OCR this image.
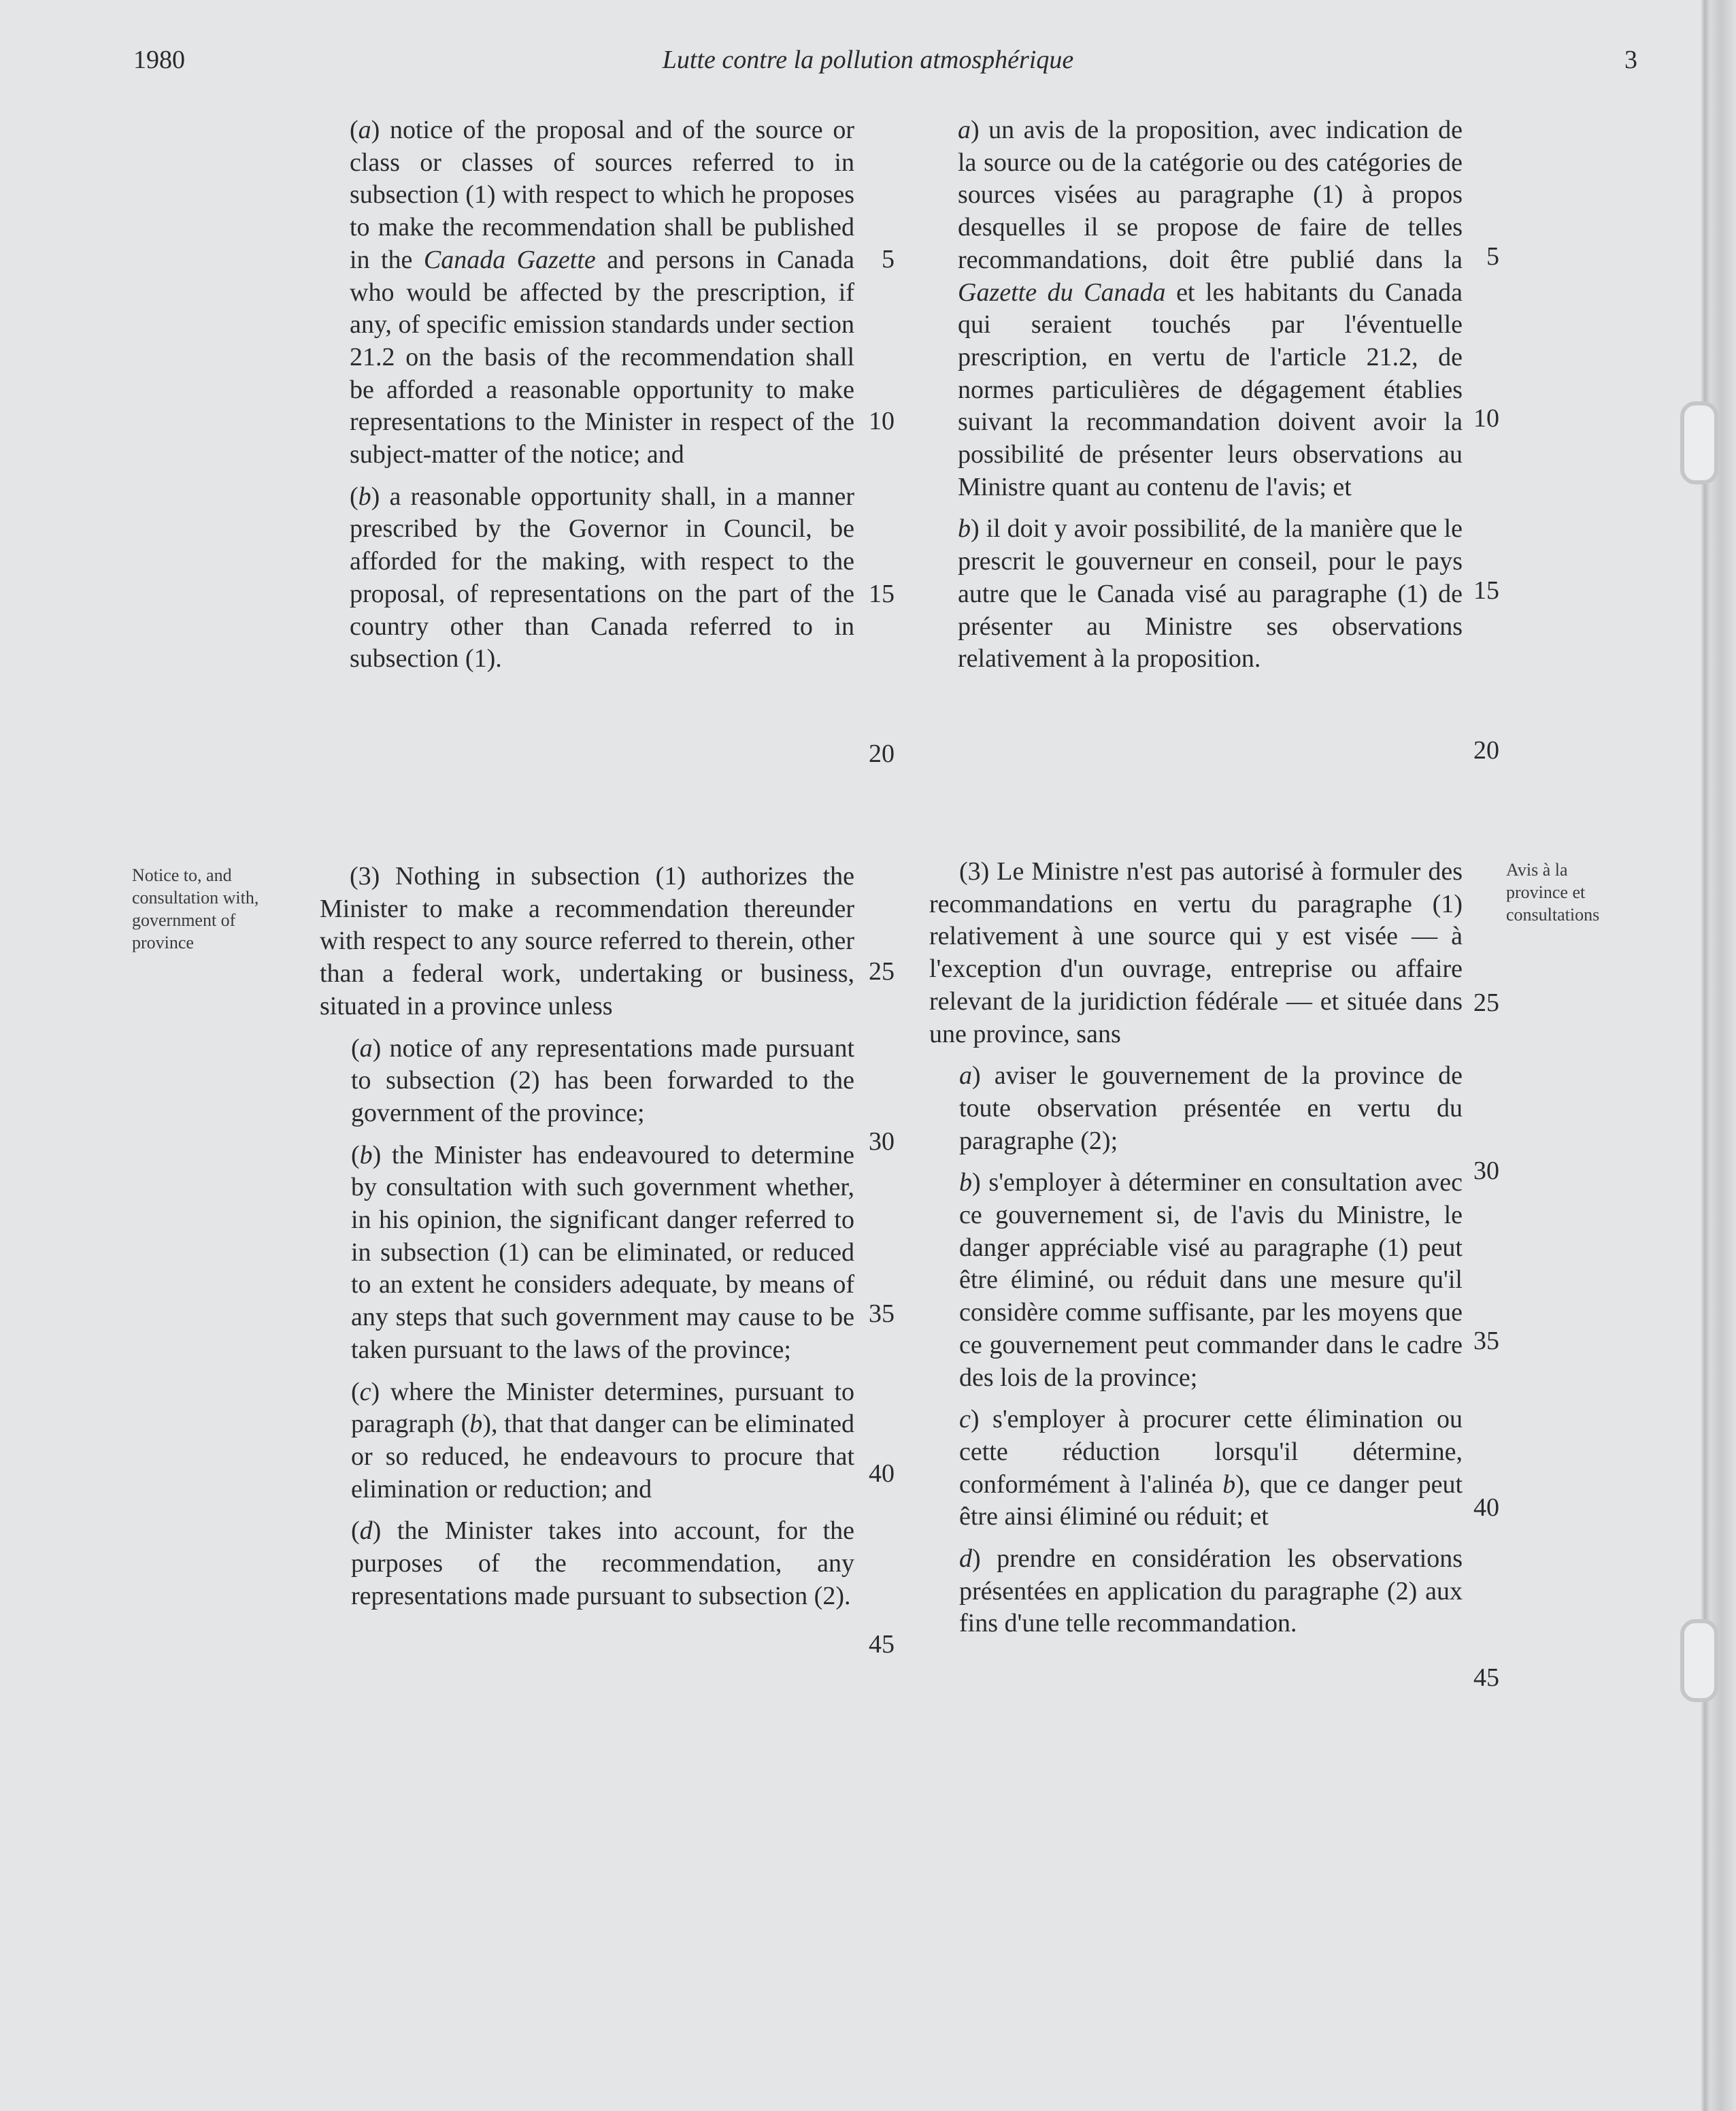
1980	Lutte contre la pollution atmosphérique	3
(a) notice of the proposal and of the source or class or classes of sources referred to in subsection (1) with respect to which he proposes to make the recommendation shall be published in the Canada Gazette and persons in Canada who would be affected by the prescription, if any, of specific emission standards under section 21.2 on the basis of the recommendation shall be afforded a reasonable opportunity to make representations to the Minister in respect of the subject-matter of the notice; and
(b) a reasonable opportunity shall, in a manner prescribed by the Governor in Council, be afforded for the making, with respect to the proposal, of representations on the part of the country other than Canada referred to in subsection (1).
Notice to, and consultation with, government of province
(3) Nothing in subsection (1) authorizes the Minister to make a recommendation thereunder with respect to any source referred to therein, other than a federal work, undertaking or business, situated in a province unless
(a) notice of any representations made pursuant to subsection (2) has been forwarded to the government of the province;
(b) the Minister has endeavoured to determine by consultation with such government whether, in his opinion, the significant danger referred to in subsection (1) can be eliminated, or reduced to an extent he considers adequate, by means of any steps that such government may cause to be taken pursuant to the laws of the province;
(c) where the Minister determines, pursuant to paragraph (b), that that danger can be eliminated or so reduced, he endeavours to procure that elimination or reduction; and
(d) the Minister takes into account, for the purposes of the recommendation, any representations made pursuant to subsection (2).
5
10
15
20
25
30
35
40
45
a) un avis de la proposition, avec indication de la source ou de la catégorie ou des catégories de sources visées au paragraphe (1) à propos desquelles il se propose de faire de telles recommandations, doit être publié dans la Gazette du Canada et les habitants du Canada qui seraient touchés par l'éventuelle prescription, en vertu de l'article 21.2, de normes particulières de dégagement établies suivant la recommandation doivent avoir la possibilité de présenter leurs observations au Ministre quant au contenu de l'avis; et
b) il doit y avoir possibilité, de la manière que le prescrit le gouverneur en conseil, pour le pays autre que le Canada visé au paragraphe (1) de présenter au Ministre ses observations relativement à la proposition.
Avis à la province et consultations
(3) Le Ministre n'est pas autorisé à formuler des recommandations en vertu du paragraphe (1) relativement à une source qui y est visée — à l'exception d'un ouvrage, entreprise ou affaire relevant de la juridiction fédérale — et située dans une province, sans
a) aviser le gouvernement de la province de toute observation présentée en vertu du paragraphe (2);
b) s'employer à déterminer en consultation avec ce gouvernement si, de l'avis du Ministre, le danger appréciable visé au paragraphe (1) peut être éliminé, ou réduit dans une mesure qu'il considère comme suffisante, par les moyens que ce gouvernement peut commander dans le cadre des lois de la province;
c) s'employer à procurer cette élimination ou cette réduction lorsqu'il détermine, conformément à l'alinéa b), que ce danger peut être ainsi éliminé ou réduit; et
d) prendre en considération les observations présentées en application du paragraphe (2) aux fins d'une telle recommandation.
5
10
15
20
25
30
35
40
45
